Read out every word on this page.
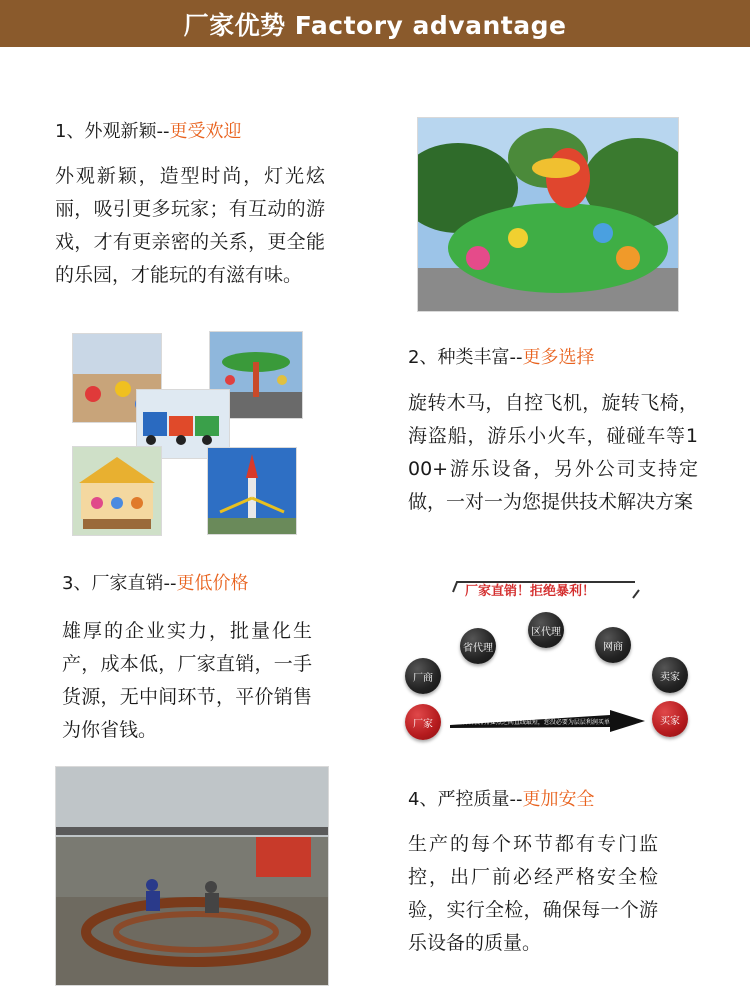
厂家优势 Factory advantage
1、外观新颖--更受欢迎
外观新颖，造型时尚，灯光炫丽，吸引更多玩家；有互动的游戏，才有更亲密的关系，更全能的乐园，才能玩的有滋有味。
2、种类丰富--更多选择
旋转木马，自控飞机，旋转飞椅，海盗船，游乐小火车，碰碰车等100+游乐设备，另外公司支持定做，一对一为您提供技术解决方案
3、厂家直销--更低价格
雄厚的企业实力，批量化生产，成本低，厂家直销，一手货源，无中间环节，平价销售为你省钱。
厂家直销！拒绝暴利！
厂商
省代理
区代理
网商
卖家
厂家	买家
原理告诉我们们2点之间直线最短，您没必要为层层利润买单
4、严控质量--更加安全
生产的每个环节都有专门监控，出厂前必经严格安全检验，实行全检，确保每一个游乐设备的质量。
